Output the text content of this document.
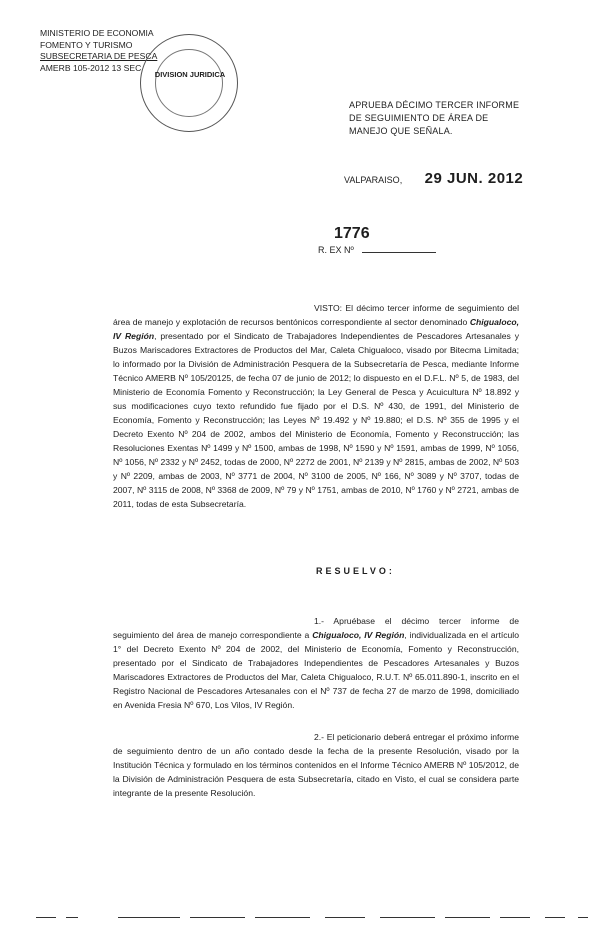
MINISTERIO DE ECONOMIA
FOMENTO Y TURISMO
SUBSECRETARIA DE PESCA
AMERB 105-2012 13 SEC
DIVISION JURIDICA
APRUEBA DÉCIMO TERCER INFORME DE SEGUIMIENTO DE ÁREA DE MANEJO QUE SEÑALA.
VALPARAISO, 29 JUN. 2012
R. EX Nº
1776

VISTO: El décimo tercer informe de seguimiento del área de manejo y explotación de recursos bentónicos correspondiente al sector denominado Chigualoco, IV Región, presentado por el Sindicato de Trabajadores Independientes de Pescadores Artesanales y Buzos Mariscadores Extractores de Productos del Mar, Caleta Chigualoco, visado por Bitecma Limitada; lo informado por la División de Administración Pesquera de la Subsecretaría de Pesca, mediante Informe Técnico AMERB Nº 105/20125, de fecha 07 de junio de 2012; lo dispuesto en el D.F.L. Nº 5, de 1983, del Ministerio de Economía Fomento y Reconstrucción; la Ley General de Pesca y Acuicultura Nº 18.892 y sus modificaciones cuyo texto refundido fue fijado por el D.S. Nº 430, de 1991, del Ministerio de Economía, Fomento y Reconstrucción; las Leyes Nº 19.492 y Nº 19.880; el D.S. Nº 355 de 1995 y el Decreto Exento Nº 204 de 2002, ambos del Ministerio de Economía, Fomento y Reconstrucción; las Resoluciones Exentas Nº 1499 y Nº 1500, ambas de 1998, Nº 1590 y Nº 1591, ambas de 1999, Nº 1056, Nº 1056, Nº 2332 y Nº 2452, todas de 2000, Nº 2272 de 2001, Nº 2139 y Nº 2815, ambas de 2002, Nº 503 y Nº 2209, ambas de 2003, Nº 3771 de 2004, Nº 3100 de 2005, Nº 166, Nº 3089 y Nº 3707, todas de 2007, Nº 3115 de 2008, Nº 3368 de 2009, Nº 79 y Nº 1751, ambas de 2010, Nº 1760 y Nº 2721, ambas de 2011, todas de esta Subsecretaría.

RESUELVO:

1.- Apruébase el décimo tercer informe de seguimiento del área de manejo correspondiente a Chigualoco, IV Región, individualizada en el artículo 1° del Decreto Exento Nº 204 de 2002, del Ministerio de Economía, Fomento y Reconstrucción, presentado por el Sindicato de Trabajadores Independientes de Pescadores Artesanales y Buzos Mariscadores Extractores de Productos del Mar, Caleta Chigualoco, R.U.T. Nº 65.011.890-1, inscrito en el Registro Nacional de Pescadores Artesanales con el Nº 737 de fecha 27 de marzo de 1998, domiciliado en Avenida Fresia Nº 670, Los Vilos, IV Región.

2.- El peticionario deberá entregar el próximo informe de seguimiento dentro de un año contado desde la fecha de la presente Resolución, visado por la Institución Técnica y formulado en los términos contenidos en el Informe Técnico AMERB Nº 105/2012, de la División de Administración Pesquera de esta Subsecretaría, citado en Visto, el cual se considera parte integrante de la presente Resolución.
